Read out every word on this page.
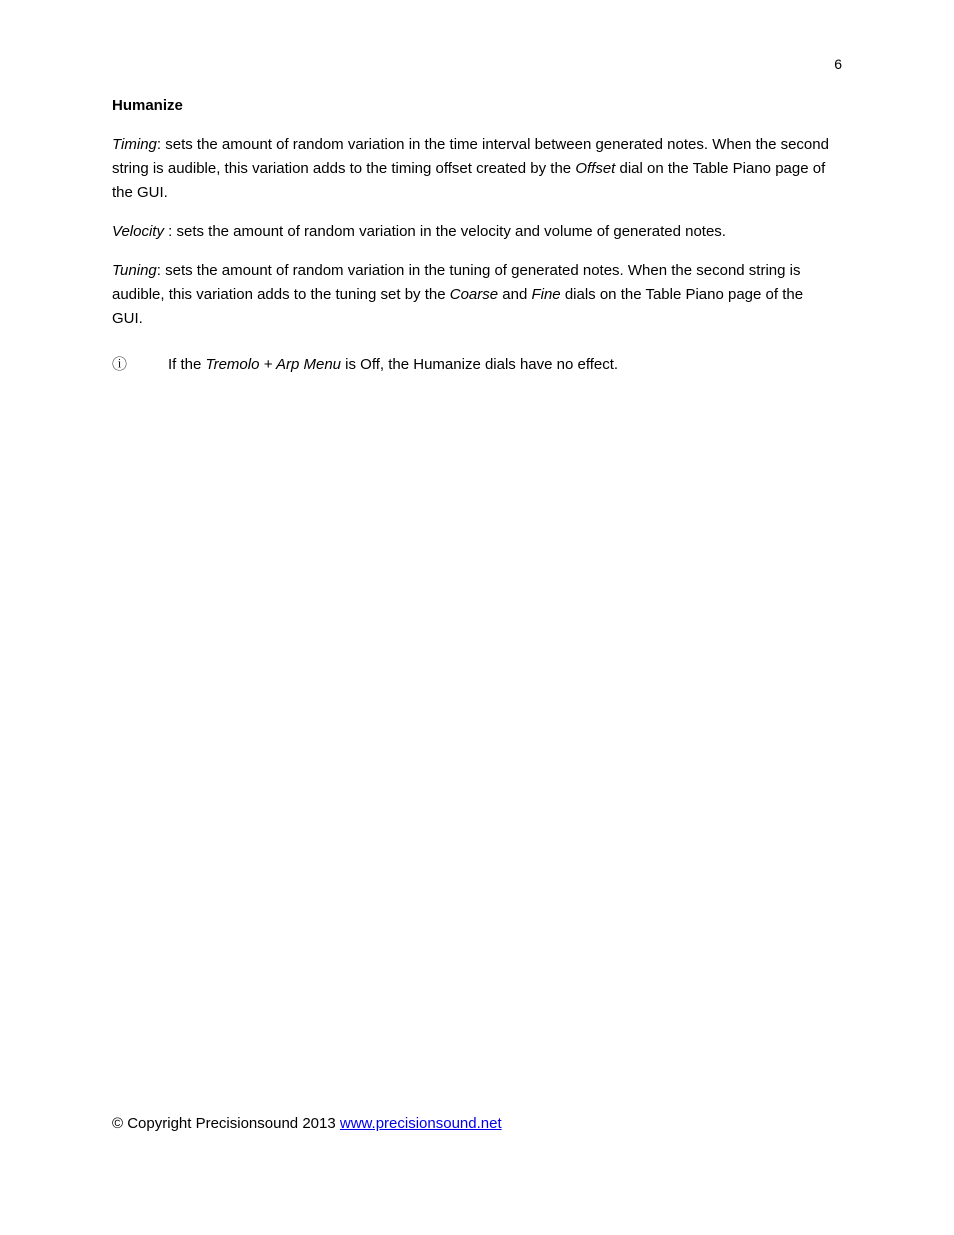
6
Humanize

Timing: sets the amount of random variation in the time interval between generated notes. When the second string is audible, this variation adds to the timing offset created by the Offset dial on the Table Piano page of the GUI.

Velocity : sets the amount of random variation in the velocity and volume of generated notes.

Tuning: sets the amount of random variation in the tuning of generated notes. When the second string is audible, this variation adds to the tuning set by the Coarse and Fine dials on the Table Piano page of the GUI.

ⓘ	If the Tremolo + Arp Menu is Off, the Humanize dials have no effect.
© Copyright Precisionsound 2013 www.precisionsound.net
